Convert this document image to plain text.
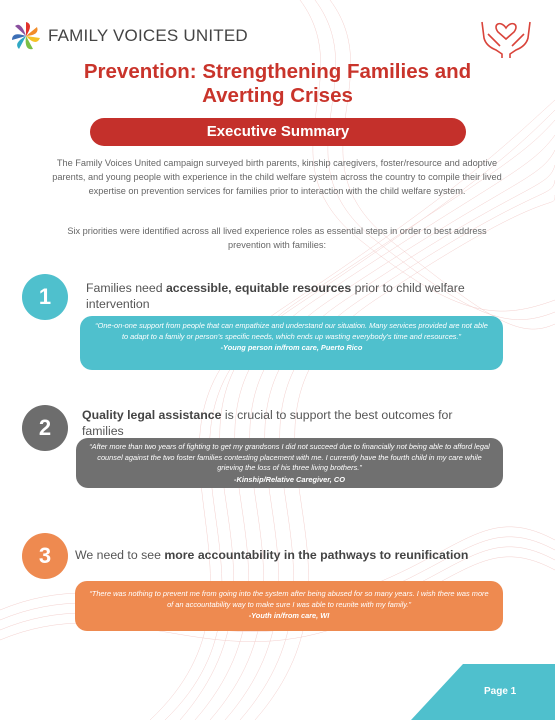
FAMILY VOICES UNITED
Prevention: Strengthening Families and
Averting Crises
Executive Summary
The Family Voices United campaign surveyed birth parents, kinship caregivers, foster/resource and adoptive parents, and young people with experience in the child welfare system across the country to compile their lived expertise on prevention services for families prior to interaction with the child welfare system.
Six priorities were identified across all lived experience roles as essential steps in order to best address prevention with families:
1	Families need accessible, equitable resources prior to child welfare intervention
“One-on-one support from people that can empathize and understand our situation. Many services provided are not able to adapt to a family or person’s specific needs, which ends up wasting everybody’s time and resources.”
-Young person in/from care, Puerto Rico
2	Quality legal assistance is crucial to support the best outcomes for families
“After more than two years of fighting to get my grandsons I did not succeed due to financially not being able to afford legal counsel against the two foster families contesting placement with me. I currently have the fourth child in my care while grieving the loss of his three living brothers.”
-Kinship/Relative Caregiver, CO
3	We need to see more accountability in the pathways to reunification
“There was nothing to prevent me from going into the system after being abused for so many years. I wish there was more of an accountability way to make sure I was able to reunite with my family.”
-Youth in/from care, WI
Page 1
